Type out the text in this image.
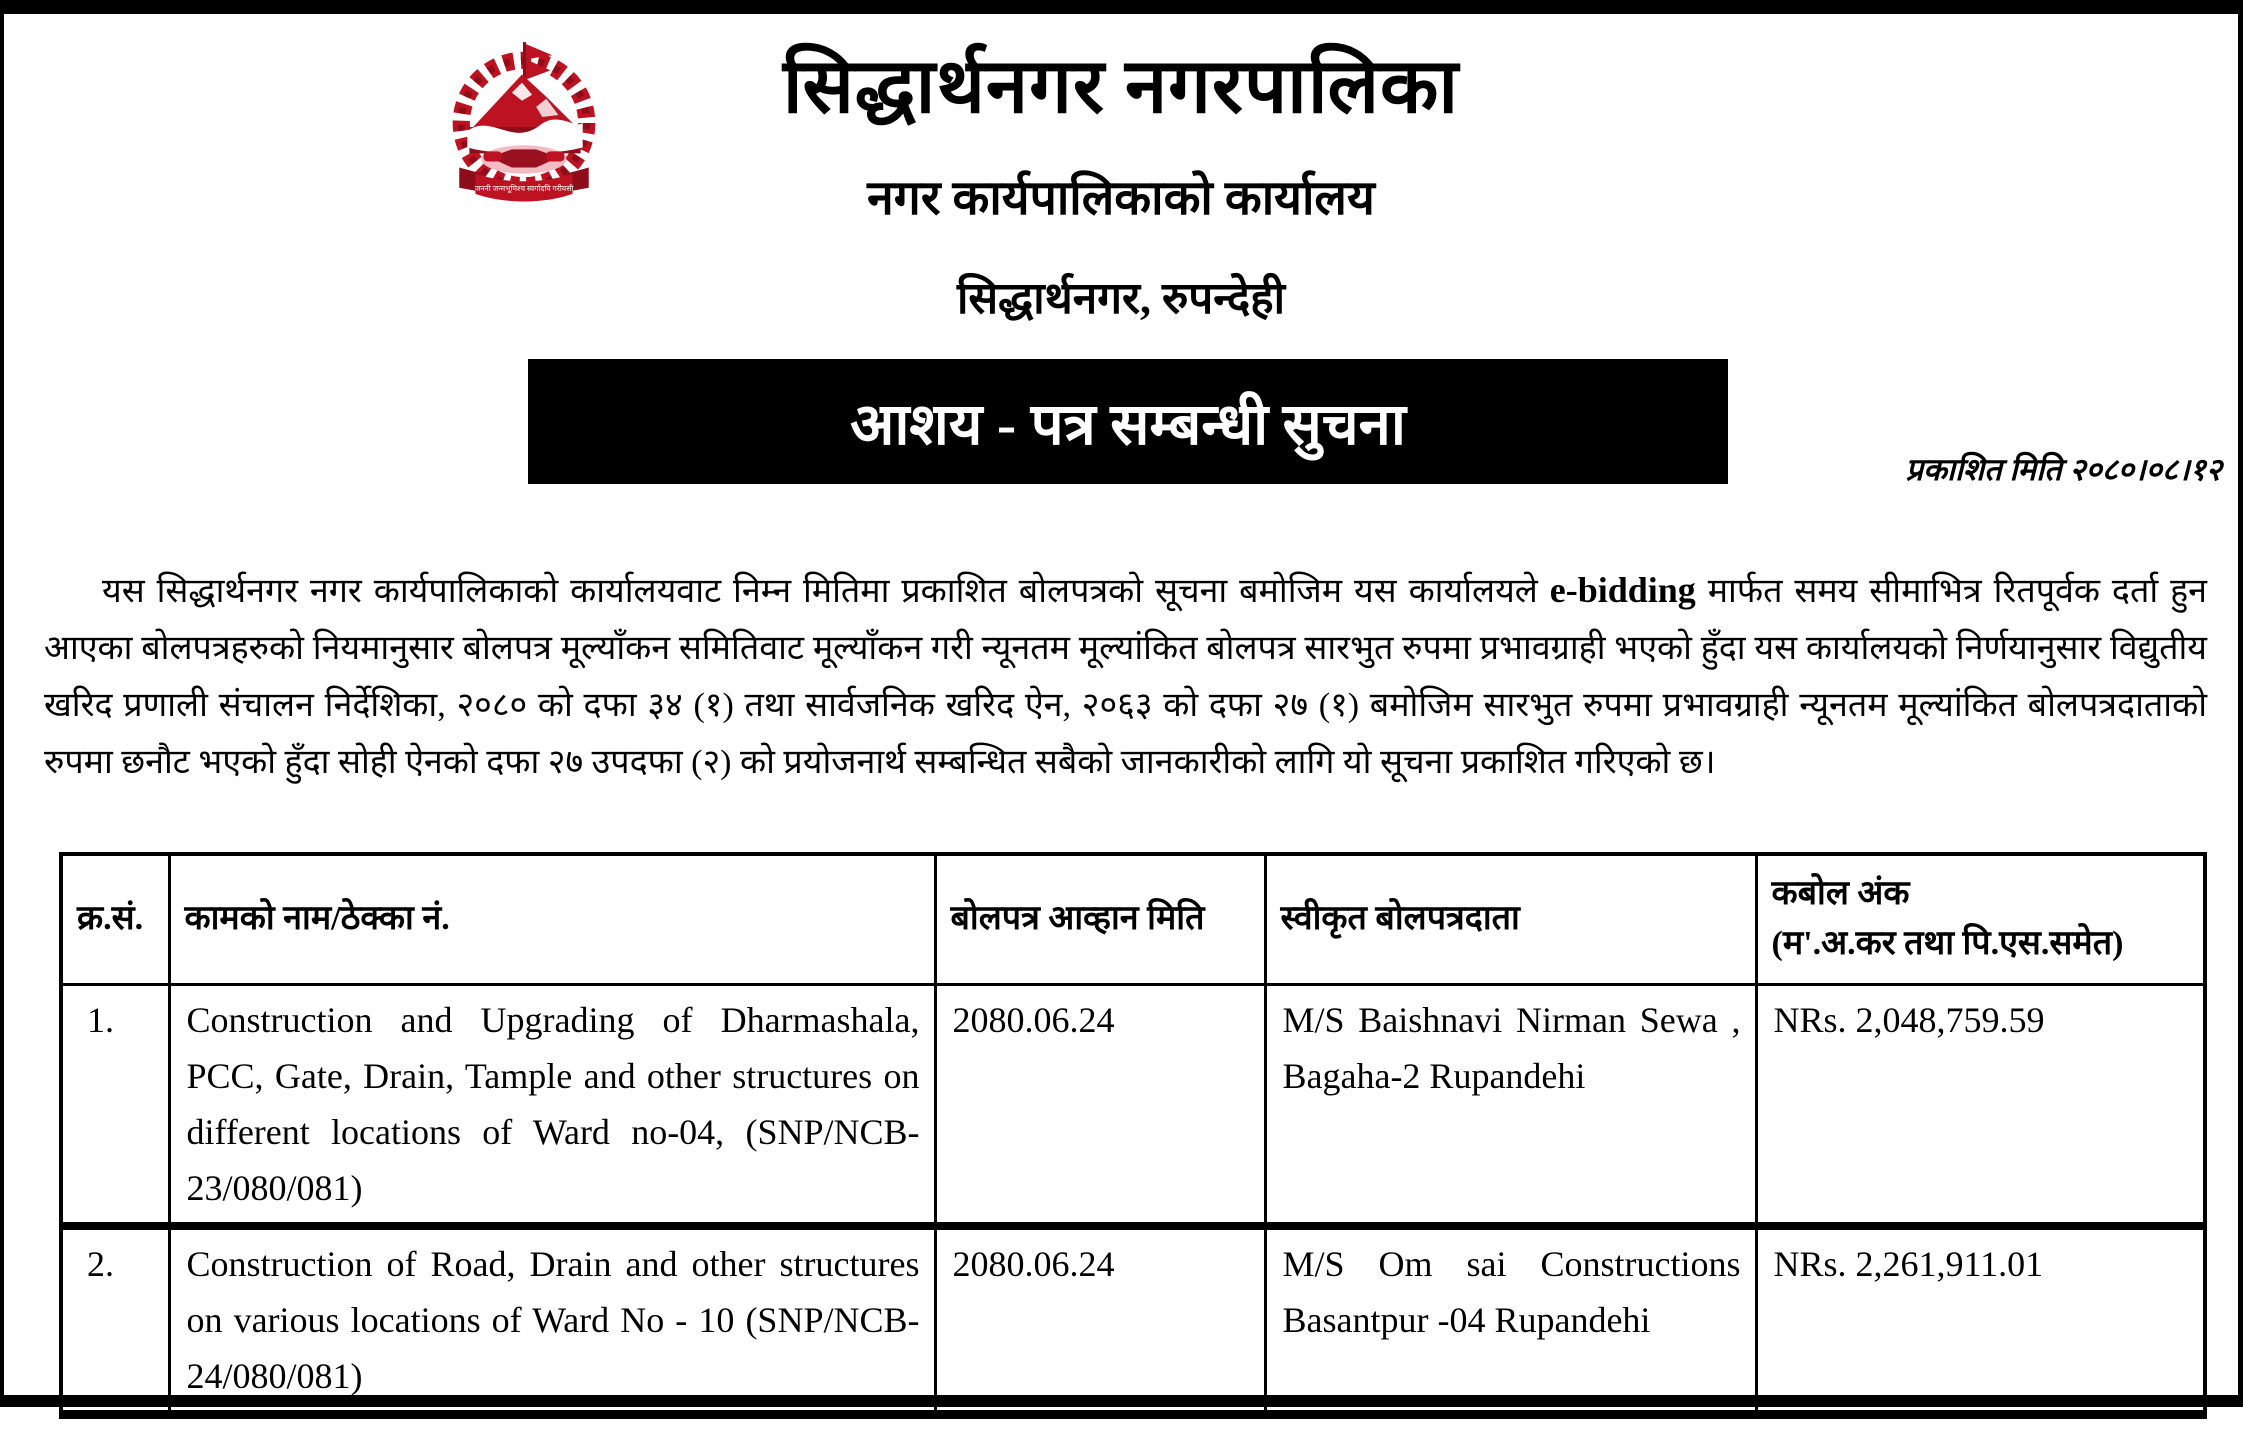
जननी जन्मभूमिश्च स्वर्गादपि गरीयसी
सिद्धार्थनगर नगरपालिका
नगर कार्यपालिकाको कार्यालय
सिद्धार्थनगर, रुपन्देही
आशय - पत्र सम्बन्धी सुचना
प्रकाशित मिति २०८०।०८।१२

यस सिद्धार्थनगर नगर कार्यपालिकाको कार्यालयवाट निम्न मितिमा प्रकाशित बोलपत्रको सूचना बमोजिम यस कार्यालयले e-bidding मार्फत समय सीमाभित्र रितपूर्वक दर्ता हुन आएका बोलपत्रहरुको नियमानुसार बोलपत्र मूल्याँकन समितिवाट मूल्याँकन गरी न्यूनतम मूल्यांकित बोलपत्र सारभुत रुपमा प्रभावग्राही भएको हुँदा यस कार्यालयको निर्णयानुसार विद्युतीय खरिद प्रणाली संचालन निर्देशिका, २०८० को दफा ३४ (१) तथा सार्वजनिक खरिद ऐन, २०६३ को दफा २७ (१) बमोजिम सारभुत रुपमा प्रभावग्राही न्यूनतम मूल्यांकित बोलपत्रदाताको रुपमा छनौट भएको हुँदा सोही ऐनको दफा २७ उपदफा (२) को प्रयोजनार्थ सम्बन्धित सबैको जानकारीको लागि यो सूचना प्रकाशित गरिएको छ।

क्र.सं.	कामको नाम/ठेक्का नं.	बोलपत्र आव्हान मिति	स्वीकृत बोलपत्रदाता	कबोल अंक
(म'.अ.कर तथा पि.एस.समेत)

1.	Construction and Upgrading of Dharmashala, PCC, Gate, Drain, Tample and other structures on different locations of Ward no-04, (SNP/NCB-23/080/081)	2080.06.24	M/S Baishnavi Nirman Sewa , Bagaha-2 Rupandehi	NRs. 2,048,759.59
2.	Construction of Road, Drain and other structures on various locations of Ward No - 10 (SNP/NCB-24/080/081)	2080.06.24	M/S Om sai Constructions Basantpur -04 Rupandehi	NRs. 2,261,911.01
